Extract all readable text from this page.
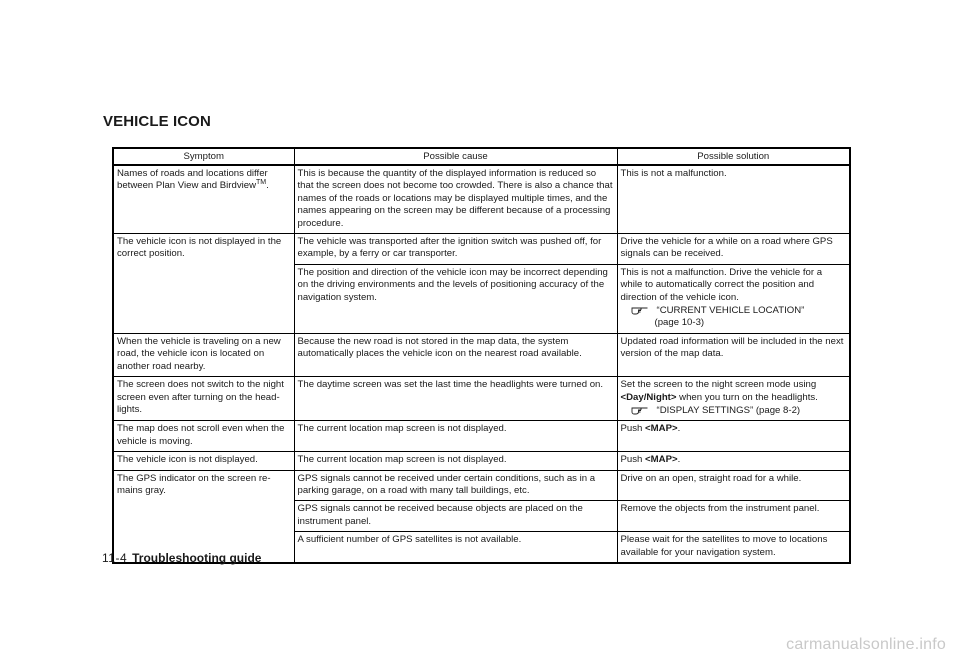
VEHICLE ICON
Symptom	Possible cause	Possible solution
Names of roads and locations differ between Plan View and Birdview™.	This is because the quantity of the displayed information is reduced so that the screen does not become too crowded. There is also a chance that names of the roads or locations may be displayed multiple times, and the names appearing on the screen may be different because of a processing procedure.	This is not a malfunction.
The vehicle icon is not displayed in the correct position.	The vehicle was transported after the ignition switch was pushed off, for example, by a ferry or car transporter.	Drive the vehicle for a while on a road where GPS signals can be received.
	The position and direction of the vehicle icon may be incorrect depending on the driving environments and the levels of positioning accuracy of the navigation system.	This is not a malfunction. Drive the vehicle for a while to automatically correct the position and direction of the vehicle icon.
“CURRENT VEHICLE LOCATION”
(page 10-3)

When the vehicle is traveling on a new road, the vehicle icon is located on another road nearby.	Because the new road is not stored in the map data, the system automatically places the vehicle icon on the nearest road available.	Updated road information will be included in the next version of the map data.
The screen does not switch to the night screen even after turning on the head-lights.	The daytime screen was set the last time the headlights were turned on.	Set the screen to the night screen mode using
<Day/Night> when you turn on the headlights.
“DISPLAY SETTINGS” (page 8-2)

The map does not scroll even when the vehicle is moving.	The current location map screen is not displayed.	Push <MAP>.
The vehicle icon is not displayed.	The current location map screen is not displayed.	Push <MAP>.
The GPS indicator on the screen re-mains gray.	GPS signals cannot be received under certain conditions, such as in a parking garage, on a road with many tall buildings, etc.	Drive on an open, straight road for a while.
	GPS signals cannot be received because objects are placed on the instrument panel.	Remove the objects from the instrument panel.
	A sufficient number of GPS satellites is not available.	Please wait for the satellites to move to locations available for your navigation system.
11-4 Troubleshooting guide
carmanualsonline.info
